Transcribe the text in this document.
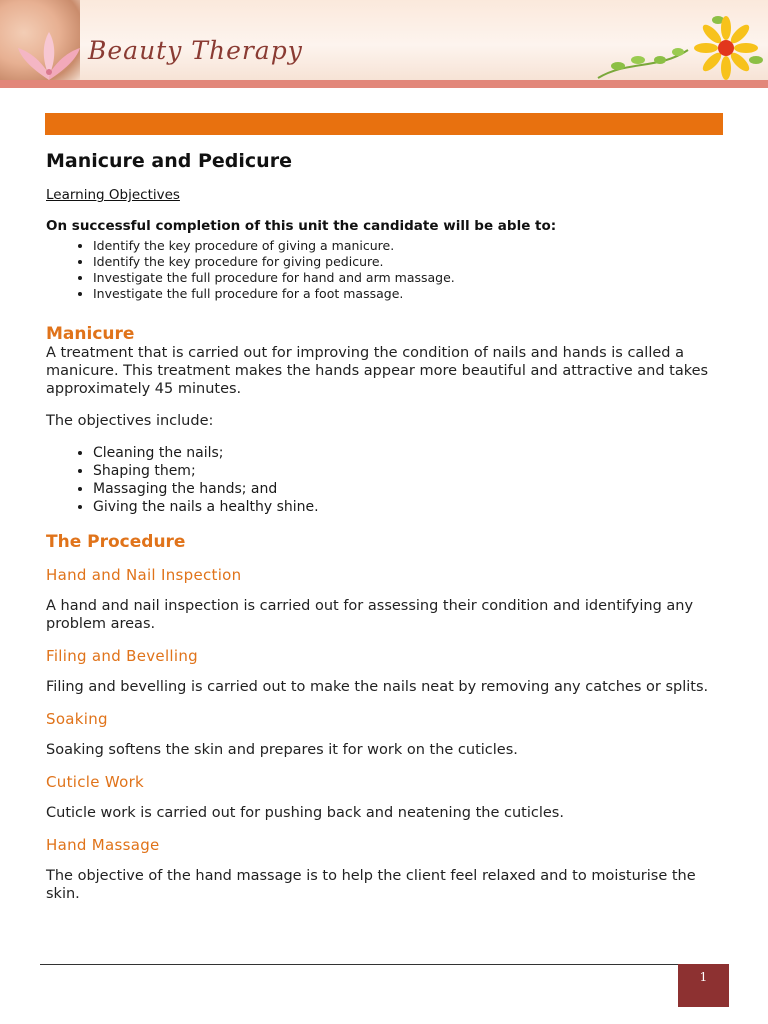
Beauty Therapy
Manicure and Pedicure
Learning Objectives
On successful completion of this unit the candidate will be able to:
• Identify the key procedure of giving a manicure.
• Identify the key procedure for giving pedicure.
• Investigate the full procedure for hand and arm massage.
• Investigate the full procedure for a foot massage.
Manicure

A treatment that is carried out for improving the condition of nails and hands is called a manicure. This treatment makes the hands appear more beautiful and attractive and takes approximately 45 minutes.

The objectives include:

• Cleaning the nails;
• Shaping them;
• Massaging the hands; and
• Giving the nails a healthy shine.
The Procedure
Hand and Nail Inspection

A hand and nail inspection is carried out for assessing their condition and identifying any problem areas.

Filing and Bevelling

Filing and bevelling is carried out to make the nails neat by removing any catches or splits.

Soaking

Soaking softens the skin and prepares it for work on the cuticles.

Cuticle Work

Cuticle work is carried out for pushing back and neatening the cuticles.

Hand Massage

The objective of the hand massage is to help the client feel relaxed and to moisturise the skin.

1
